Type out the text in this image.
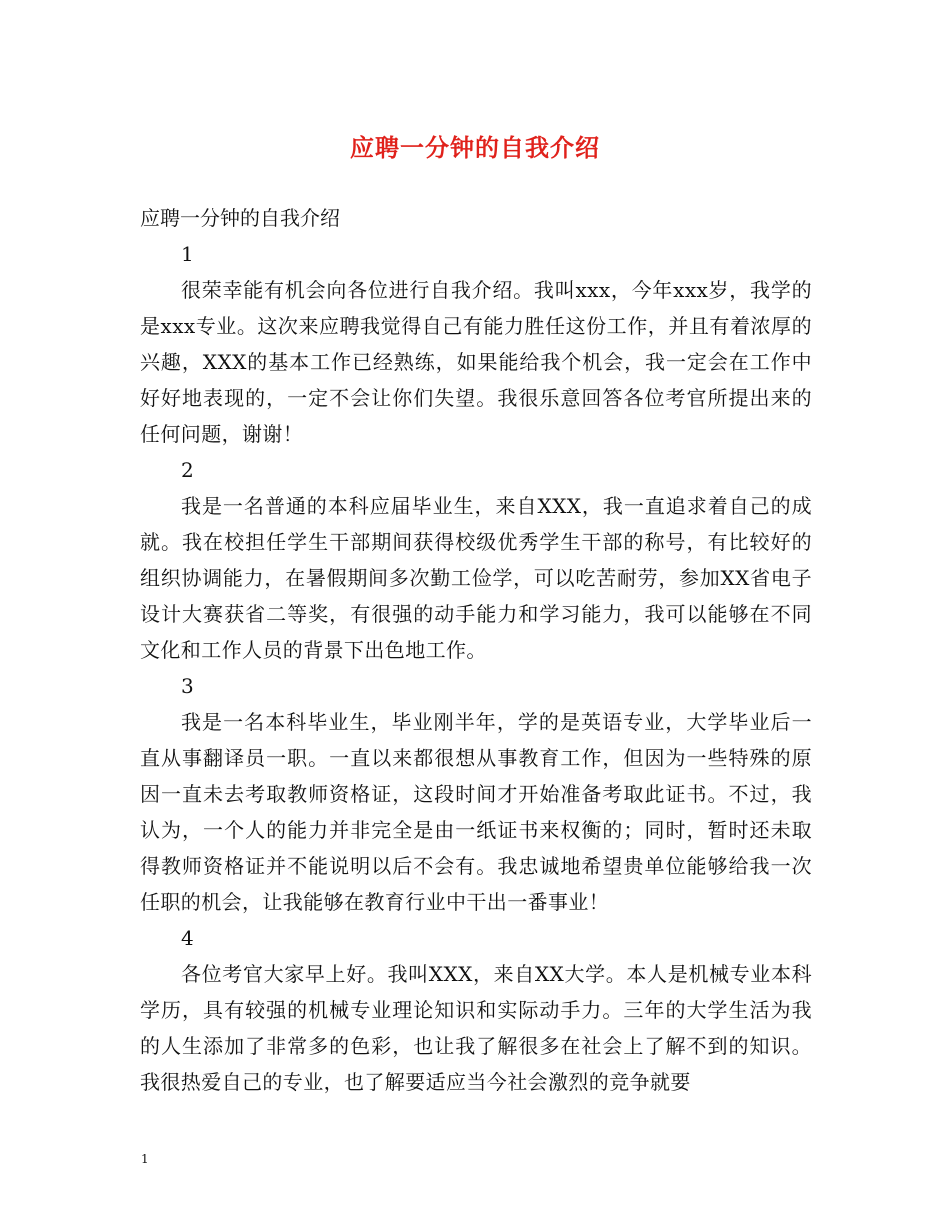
应聘一分钟的自我介绍

应聘一分钟的自我介绍

1

很荣幸能有机会向各位进行自我介绍。我叫xxx，今年xxx岁，我学的是xxx专业。这次来应聘我觉得自己有能力胜任这份工作，并且有着浓厚的兴趣，XXX的基本工作已经熟练，如果能给我个机会，我一定会在工作中好好地表现的，一定不会让你们失望。我很乐意回答各位考官所提出来的任何问题，谢谢！

2

我是一名普通的本科应届毕业生，来自XXX，我一直追求着自己的成就。我在校担任学生干部期间获得校级优秀学生干部的称号，有比较好的组织协调能力，在暑假期间多次勤工俭学，可以吃苦耐劳，参加XX省电子设计大赛获省二等奖，有很强的动手能力和学习能力，我可以能够在不同文化和工作人员的背景下出色地工作。

3

我是一名本科毕业生，毕业刚半年，学的是英语专业，大学毕业后一直从事翻译员一职。一直以来都很想从事教育工作，但因为一些特殊的原因一直未去考取教师资格证，这段时间才开始准备考取此证书。不过，我认为，一个人的能力并非完全是由一纸证书来权衡的；同时，暂时还未取得教师资格证并不能说明以后不会有。我忠诚地希望贵单位能够给我一次任职的机会，让我能够在教育行业中干出一番事业！

4

各位考官大家早上好。我叫XXX，来自XX大学。本人是机械专业本科学历，具有较强的机械专业理论知识和实际动手力。三年的大学生活为我的人生添加了非常多的色彩，也让我了解很多在社会上了解不到的知识。我很热爱自己的专业，也了解要适应当今社会激烈的竞争就要

1
